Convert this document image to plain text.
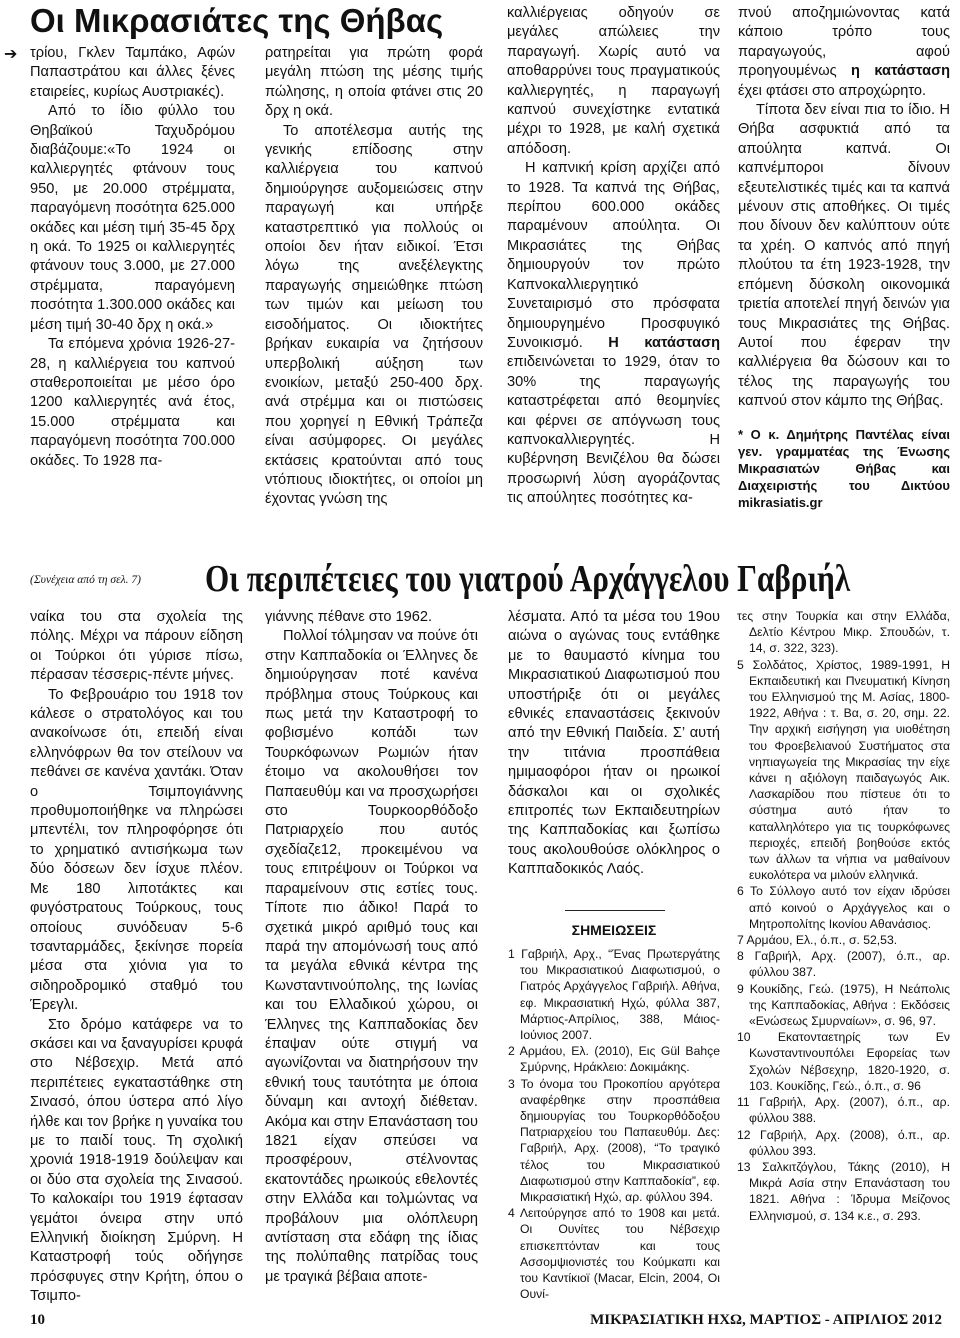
Οι Μικρασιάτες της Θήβας
➔ τρίου, Γκλεν Ταμπάκο, Αφών Παπαστράτου και άλλες ξένες εταιρείες, κυρίως Αυστριακές).

Από το ίδιο φύλλο του Θηβαϊκού Ταχυδρόμου διαβάζουμε:«Το 1924 οι καλλιεργητές φτάνουν τους 950, με 20.000 στρέμματα, παραγόμενη ποσότητα 625.000 οκάδες και μέση τιμή 35-45 δρχ η οκά. Το 1925 οι καλλιεργητές φτάνουν τους 3.000, με 27.000 στρέμματα, παραγόμενη ποσότητα 1.300.000 οκάδες και μέση τιμή 30-40 δρχ η οκά.»

Τα επόμενα χρόνια 1926-27-28, η καλλιέργεια του καπνού σταθεροποιείται με μέσο όρο 1200 καλλιεργητές ανά έτος, 15.000 στρέμματα και παραγόμενη ποσότητα 700.000 οκάδες. Το 1928 πα-

ρατηρείται για πρώτη φορά μεγάλη πτώση της μέσης τιμής πώλησης, η οποία φτάνει στις 20 δρχ η οκά.

Το αποτέλεσμα αυτής της γενικής επίδοσης στην καλλιέργεια του καπνού δημιούργησε αυξομειώσεις στην παραγωγή και υπήρξε καταστρεπτικό για πολλούς οι οποίοι δεν ήταν ειδικοί. Έτσι λόγω της ανεξέλεγκτης παραγωγής σημειώθηκε πτώση των τιμών και μείωση του εισοδήματος. Οι ιδιοκτήτες βρήκαν ευκαιρία να ζητήσουν υπερβολική αύξηση των ενοικίων, μεταξύ 250-400 δρχ. ανά στρέμμα και οι πιστώσεις που χορηγεί η Εθνική Τράπεζα είναι ασύμφορες. Οι μεγάλες εκτάσεις κρατούνται από τους ντόπιους ιδιοκτήτες, οι οποίοι μη έχοντας γνώση της

καλλιέργειας οδηγούν σε μεγάλες απώλειες την παραγωγή. Χωρίς αυτό να αποθαρρύνει τους πραγματικούς καλλιεργητές, η παραγωγή καπνού συνεχίστηκε εντατικά μέχρι το 1928, με καλή σχετικά απόδοση.

Η καπνική κρίση αρχίζει από το 1928. Τα καπνά της Θήβας, περίπου 600.000 οκάδες παραμένουν απούλητα. Οι Μικρασιάτες της Θήβας δημιουργούν τον πρώτο Καπνοκαλλιεργητικό Συνεταιρισμό στο πρόσφατα δημιουργημένο Προσφυγικό Συνοικισμό. Η κατάσταση επιδεινώνεται το 1929, όταν το 30% της παραγωγής καταστρέφεται από θεομηνίες και φέρνει σε απόγνωση τους καπνοκαλλιεργητές. Η κυβέρνηση Βενιζέλου θα δώσει προσωρινή λύση αγοράζοντας τις απούλητες ποσότητες κα-

πνού αποζημιώνοντας κατά κάποιο τρόπο τους παραγωγούς, αφού προηγουμένως η κατάσταση έχει φτάσει στο απροχώρητο.

Τίποτα δεν είναι πια το ίδιο. Η Θήβα ασφυκτιά από τα απούλητα καπνά. Οι καπνέμποροι δίνουν εξευτελιστικές τιμές και τα καπνά μένουν στις αποθήκες. Οι τιμές που δίνουν δεν καλύπτουν ούτε τα χρέη. Ο καπνός από πηγή πλούτου τα έτη 1923-1928, την επόμενη δύσκολη οικονομικά τριετία αποτελεί πηγή δεινών για τους Μικρασιάτες της Θήβας. Αυτοί που έφεραν την καλλιέργεια θα δώσουν και το τέλος της παραγωγής του καπνού στον κάμπο της Θήβας.

* Ο κ. Δημήτρης Παντέλας είναι γεν. γραμματέας της Ένωσης Μικρασιατών Θήβας και Διαχειριστής του Δικτύου mikrasiatis.gr

(Συνέχεια από τη σελ. 7) Οι περιπέτειες του γιατρού Αρχάγγελου Γαβριήλ

ναίκα του στα σχολεία της πόλης. Μέχρι να πάρουν είδηση οι Τούρκοι ότι γύρισε πίσω, πέρασαν τέσσερις-πέντε μήνες.

Το Φεβρουάριο του 1918 τον κάλεσε ο στρατολόγος και του ανακοίνωσε ότι, επειδή είναι ελληνόφρων θα τον στείλουν να πεθάνει σε κανένα χαντάκι. Όταν ο Τσιμπογιάννης προθυμοποιήθηκε να πληρώσει μπεντέλι, τον πληροφόρησε ότι το χρηματικό αντισήκωμα των δύο δόσεων δεν ίσχυε πλέον. Με 180 λιποτάκτες και φυγόστρατους Τούρκους, τους οποίους συνόδευαν 5-6 τσανταρμάδες, ξεκίνησε πορεία μέσα στα χιόνια για το σιδηροδρομικό σταθμό του Έρεγλι.

Στο δρόμο κατάφερε να το σκάσει και να ξαναγυρίσει κρυφά στο Νέβσεχιρ. Μετά από περιπέτειες εγκαταστάθηκε στη Σινασό, όπου ύστερα από λίγο ήλθε και τον βρήκε η γυναίκα του με το παιδί τους. Τη σχολική χρονιά 1918-1919 δούλεψαν και οι δύο στα σχολεία της Σινασού. Το καλοκαίρι του 1919 έφτασαν γεμάτοι όνειρα στην υπό Ελληνική διοίκηση Σμύρνη. Η Καταστροφή τούς οδήγησε πρόσφυγες στην Κρήτη, όπου ο Τσιμπο-

γιάννης πέθανε στο 1962.

Πολλοί τόλμησαν να πούνε ότι στην Καππαδοκία οι Έλληνες δε δημιούργησαν ποτέ κανένα πρόβλημα στους Τούρκους και πως μετά την Καταστροφή το φοβισμένο κοπάδι των Τουρκόφωνων Ρωμιών ήταν έτοιμο να ακολουθήσει τον Παπαευθύμ και να προσχωρήσει στο Τουρκοορθόδοξο Πατριαρχείο που αυτός σχεδίαζε12, προκειμένου να τους επιτρέψουν οι Τούρκοι να παραμείνουν στις εστίες τους. Τίποτε πιο άδικο! Παρά το σχετικά μικρό αριθμό τους και παρά την απομόνωσή τους από τα μεγάλα εθνικά κέντρα της Κωνσταντινούπολης, της Ιωνίας και του Ελλαδικού χώρου, οι Έλληνες της Καππαδοκίας δεν έπαψαν ούτε στιγμή να αγωνίζονται να διατηρήσουν την εθνική τους ταυτότητα με όποια δύναμη και αντοχή διέθεταν. Ακόμα και στην Επανάσταση του 1821 είχαν σπεύσει να προσφέρουν, στέλνοντας εκατοντάδες ηρωικούς εθελοντές στην Ελλάδα και τολμώντας να προβάλουν μια ολόπλευρη αντίσταση στα εδάφη της ίδιας της πολύπαθης πατρίδας τους με τραγικά βέβαια αποτε-

λέσματα. Από τα μέσα του 19ου αιώνα ο αγώνας τους εντάθηκε με το θαυμαστό κίνημα του Μικρασιατικού Διαφωτισμού που υποστήριξε ότι οι μεγάλες εθνικές επαναστάσεις ξεκινούν από την Εθνική Παιδεία. Σ’ αυτή την τιτάνια προσπάθεια ημιμαοφόροι ήταν οι ηρωικοί δάσκαλοι και οι σχολικές επιτροπές των Εκπαιδευτηρίων της Καππαδοκίας και ξωπίσω τους ακολουθούσε ολόκληρος ο Καππαδοκικός Λαός.

ΣΗΜΕΙΩΣΕΙΣ

1 Γαβριήλ, Αρχ., “Ένας Πρωτεργάτης του Μικρασιατικού Διαφωτισμού, ο Γιατρός Αρχάγγελος Γαβριήλ. Αθήνα, εφ. Μικρασιατική Ηχώ, φύλλα 387, Μάρτιος-Απρίλιος, 388, Μάιος-Ιούνιος 2007.

2 Αρμάου, Ελ. (2010), Εις Gül Bahçe Σμύρνης, Ηράκλειο: Δοκιμάκης.

3 Το όνομα του Προκοπίου αργότερα αναφέρθηκε στην προσπάθεια δημιουργίας του Τουρκορθόδοξου Πατριαρχείου του Παπαευθύμ. Δες: Γαβριήλ, Αρχ. (2008), “Το τραγικό τέλος του Μικρασιατικού Διαφωτισμού στην Καππαδοκία”, εφ. Μικρασιατική Ηχώ, αρ. φύλλου 394.

4 Λειτούργησε από το 1908 και μετά. Οι Ουνίτες του Νέβσεχιρ επισκεπτόνταν και τους Ασσομψιονιστές του Κούμκαπι και του Καντίκιοϊ (Macar, Elcin, 2004, Οι Ουνί-

τες στην Τουρκία και στην Ελλάδα, Δελτίο Κέντρου Μικρ. Σπουδών, τ. 14, σ. 322, 323).

5 Σολδάτος, Χρίστος, 1989-1991, Η Εκπαιδευτική και Πνευματική Κίνηση του Ελληνισμού της Μ. Ασίας, 1800-1922, Αθήνα : τ. Βα, σ. 20, σημ. 22. Την αρχική εισήγηση για υιοθέτηση του Φροεβελιανού Συστήματος στα νηπιαγωγεία της Μικρασίας την είχε κάνει η αξιόλογη παιδαγωγός Αικ. Λασκαρίδου που πίστευε ότι το σύστημα αυτό ήταν το καταλληλότερο για τις τουρκόφωνες περιοχές, επειδή βοηθούσε εκτός των άλλων τα νήπια να μαθαίνουν ευκολότερα να μιλούν ελληνικά.

6 Το Σύλλογο αυτό τον είχαν ιδρύσει από κοινού ο Αρχάγγελος και ο Μητροπολίτης Ικονίου Αθανάσιος.

7 Αρμάου, Ελ., ό.π., σ. 52,53.

8 Γαβριήλ, Αρχ. (2007), ό.π., αρ. φύλλου 387.

9 Κουκίδης, Γεώ. (1975), Η Νεάπολις της Καππαδοκίας, Αθήνα : Εκδόσεις «Ενώσεως Σμυρναίων», σ. 96, 97.

10 Εκατονταετηρίς των Εν Κωνσταντινουπόλει Εφορείας των Σχολών Νέβσεχηρ, 1820-1920, σ. 103. Κουκίδης, Γεώ., ό.π., σ. 96

11 Γαβριήλ, Αρχ. (2007), ό.π., αρ. φύλλου 388.

12 Γαβριήλ, Αρχ. (2008), ό.π., αρ. φύλλου 393.

13 Σαλκιτζόγλου, Τάκης (2010), Η Μικρά Ασία στην Επανάσταση του 1821. Αθήνα : Ίδρυμα Μείζονος Ελληνισμού, σ. 134 κ.ε., σ. 293.

10	ΜΙΚΡΑΣΙΑΤΙΚΗ ΗΧΩ, ΜΑΡΤΙΟΣ - ΑΠΡΙΛΙΟΣ 2012
